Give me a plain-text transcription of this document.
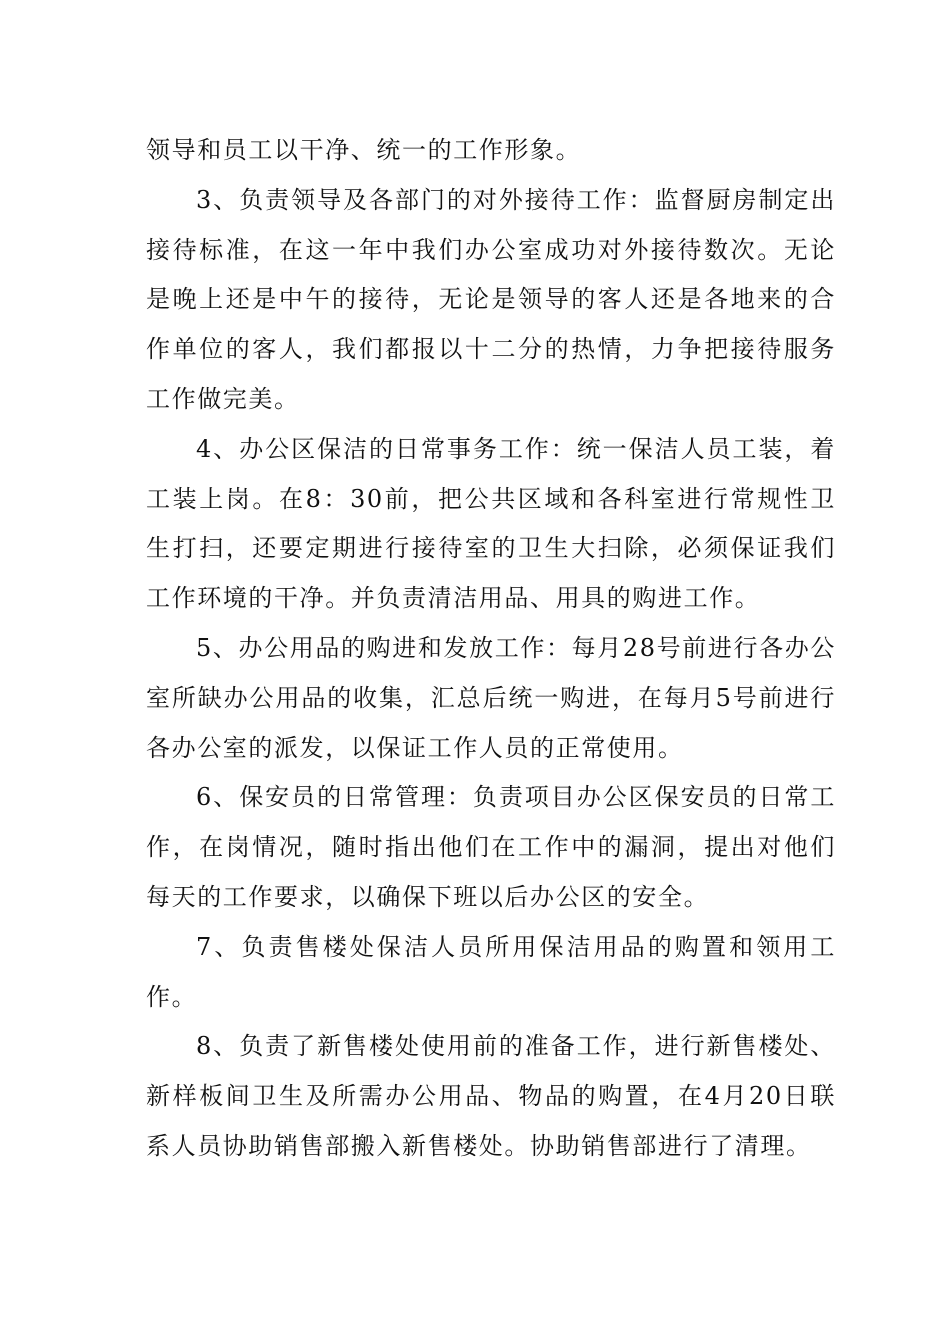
领导和员工以干净、统一的工作形象。

3、负责领导及各部门的对外接待工作：监督厨房制定出接待标准，在这一年中我们办公室成功对外接待数次。无论是晚上还是中午的接待，无论是领导的客人还是各地来的合作单位的客人，我们都报以十二分的热情，力争把接待服务工作做完美。

4、办公区保洁的日常事务工作：统一保洁人员工装，着工装上岗。在8：30前，把公共区域和各科室进行常规性卫生打扫，还要定期进行接待室的卫生大扫除，必须保证我们工作环境的干净。并负责清洁用品、用具的购进工作。

5、办公用品的购进和发放工作：每月28号前进行各办公室所缺办公用品的收集，汇总后统一购进，在每月5号前进行各办公室的派发，以保证工作人员的正常使用。

6、保安员的日常管理：负责项目办公区保安员的日常工作，在岗情况，随时指出他们在工作中的漏洞，提出对他们每天的工作要求，以确保下班以后办公区的安全。

7、负责售楼处保洁人员所用保洁用品的购置和领用工作。

8、负责了新售楼处使用前的准备工作，进行新售楼处、新样板间卫生及所需办公用品、物品的购置，在4月20日联系人员协助销售部搬入新售楼处。协助销售部进行了清理。
